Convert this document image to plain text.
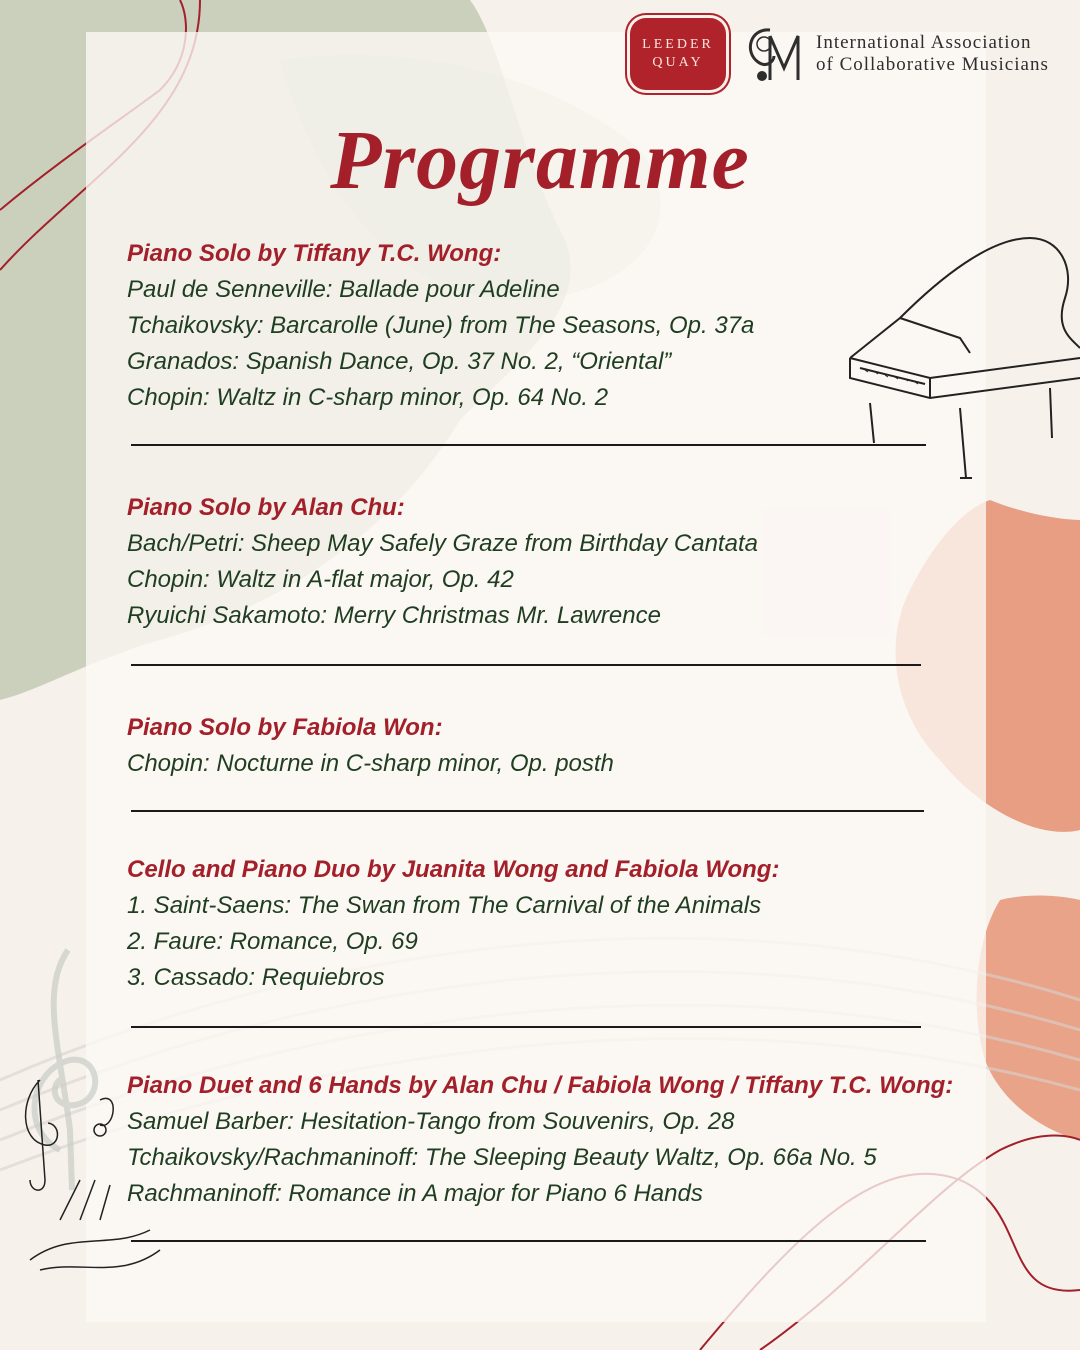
LEEDER
QUAY
International Association
of Collaborative Musicians
Programme
Piano Solo by Tiffany T.C. Wong:
Paul de Senneville: Ballade pour Adeline
Tchaikovsky: Barcarolle (June) from The Seasons, Op. 37a
Granados: Spanish Dance, Op. 37 No. 2, “Oriental”
Chopin: Waltz in C-sharp minor, Op. 64 No. 2
Piano Solo by Alan Chu:
Bach/Petri: Sheep May Safely Graze from Birthday Cantata
Chopin: Waltz in A-flat major, Op. 42
Ryuichi Sakamoto: Merry Christmas Mr. Lawrence
Piano Solo by Fabiola Won:
Chopin: Nocturne in C-sharp minor, Op. posth
Cello and Piano Duo by Juanita Wong and Fabiola Wong:
1. Saint-Saens: The Swan from The Carnival of the Animals
2. Faure: Romance, Op. 69
3. Cassado: Requiebros
Piano Duet and 6 Hands by Alan Chu / Fabiola Wong / Tiffany T.C. Wong:
Samuel Barber: Hesitation-Tango from Souvenirs, Op. 28
Tchaikovsky/Rachmaninoff: The Sleeping Beauty Waltz, Op. 66a No. 5
Rachmaninoff: Romance in A major for Piano 6 Hands
